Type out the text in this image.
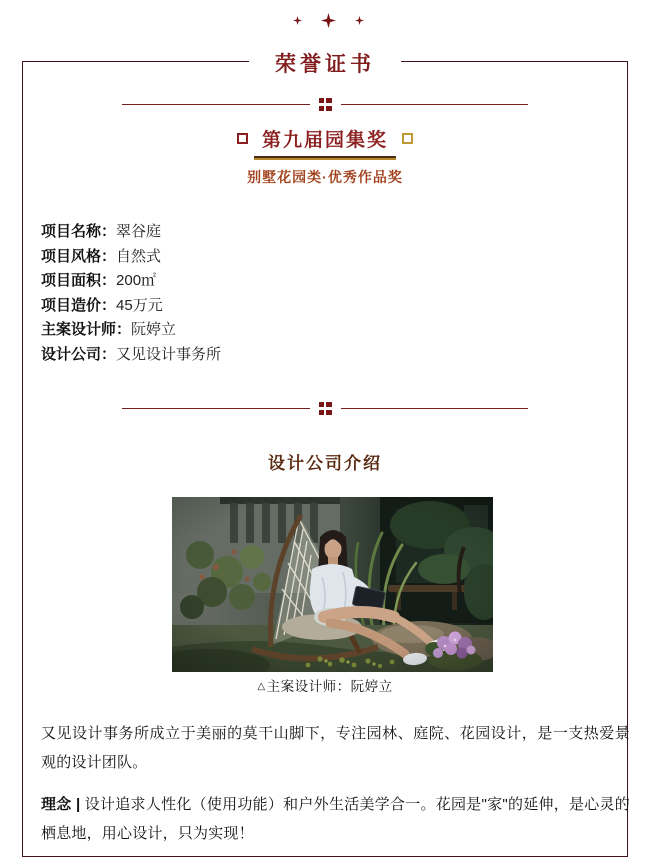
荣誉证书
第九届园集奖
别墅花园类·优秀作品奖
项目名称：翠谷庭
项目风格：自然式
项目面积：200㎡
项目造价：45万元
主案设计师：阮婷立
设计公司：又见设计事务所
设计公司介绍
△主案设计师：阮婷立

又见设计事务所成立于美丽的莫干山脚下，专注园林、庭院、花园设计，是一支热爱景观的设计团队。

理念 | 设计追求人性化（使用功能）和户外生活美学合一。花园是"家"的延伸，是心灵的栖息地，用心设计，只为实现！
